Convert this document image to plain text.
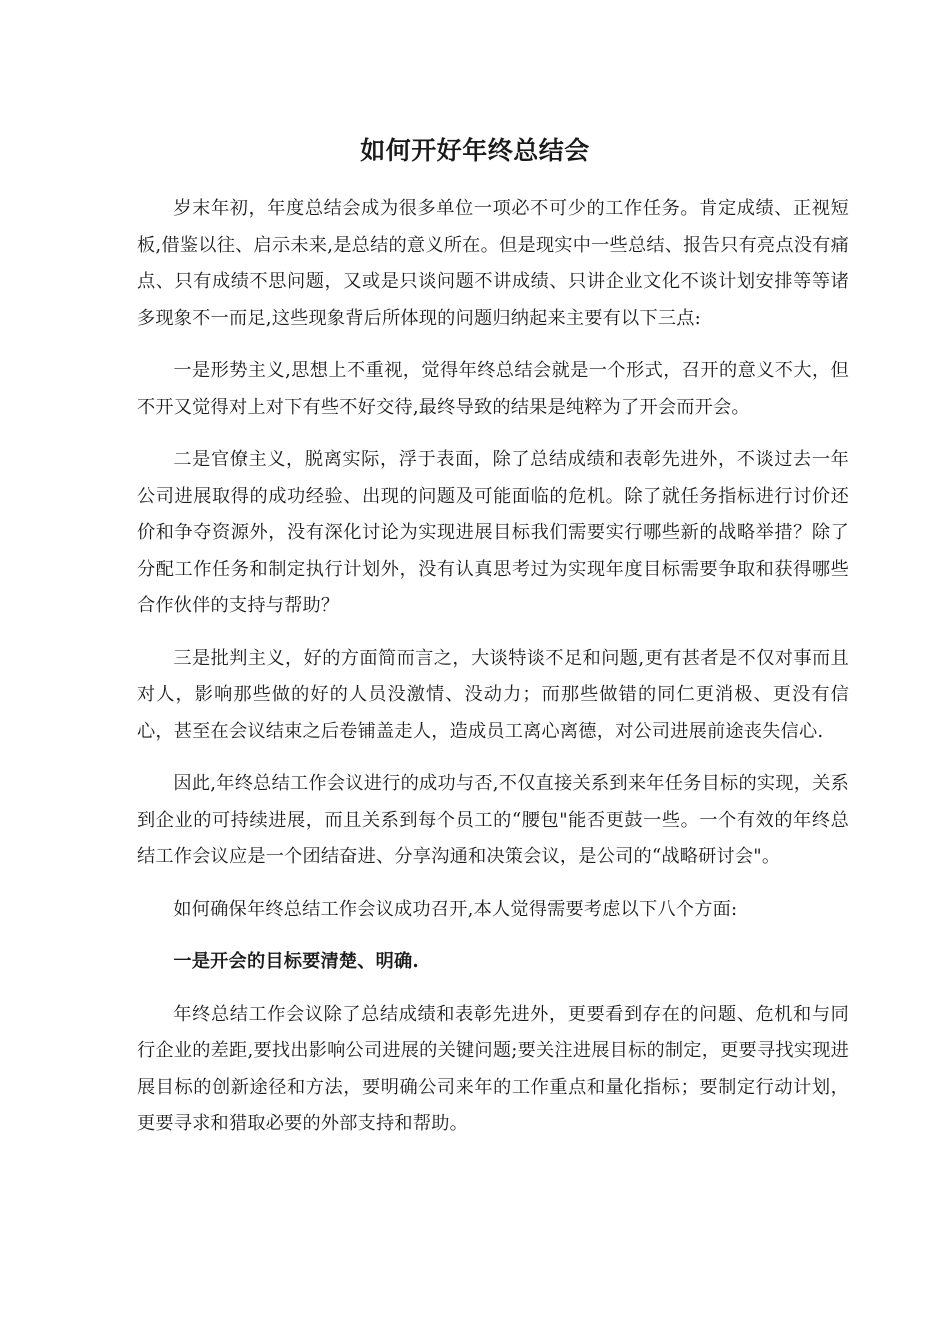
如何开好年终总结会

岁末年初，年度总结会成为很多单位一项必不可少的工作任务。肯定成绩、正视短板,借鉴以往、启示未来,是总结的意义所在。但是现实中一些总结、报告只有亮点没有痛点、只有成绩不思问题，又或是只谈问题不讲成绩、只讲企业文化不谈计划安排等等诸多现象不一而足,这些现象背后所体现的问题归纳起来主要有以下三点:

一是形势主义,思想上不重视，觉得年终总结会就是一个形式，召开的意义不大，但不开又觉得对上对下有些不好交待,最终导致的结果是纯粹为了开会而开会。

二是官僚主义，脱离实际，浮于表面，除了总结成绩和表彰先进外，不谈过去一年公司进展取得的成功经验、出现的问题及可能面临的危机。除了就任务指标进行讨价还价和争夺资源外，没有深化讨论为实现进展目标我们需要实行哪些新的战略举措？除了分配工作任务和制定执行计划外，没有认真思考过为实现年度目标需要争取和获得哪些合作伙伴的支持与帮助？

三是批判主义，好的方面简而言之，大谈特谈不足和问题,更有甚者是不仅对事而且对人，影响那些做的好的人员没激情、没动力；而那些做错的同仁更消极、更没有信心，甚至在会议结束之后卷铺盖走人，造成员工离心离德，对公司进展前途丧失信心.

因此,年终总结工作会议进行的成功与否,不仅直接关系到来年任务目标的实现，关系到企业的可持续进展，而且关系到每个员工的“腰包"能否更鼓一些。一个有效的年终总结工作会议应是一个团结奋进、分享沟通和决策会议，是公司的“战略研讨会"。

如何确保年终总结工作会议成功召开,本人觉得需要考虑以下八个方面:

一是开会的目标要清楚、明确.

年终总结工作会议除了总结成绩和表彰先进外，更要看到存在的问题、危机和与同行企业的差距,要找出影响公司进展的关键问题;要关注进展目标的制定，更要寻找实现进展目标的创新途径和方法，要明确公司来年的工作重点和量化指标；要制定行动计划，更要寻求和猎取必要的外部支持和帮助。
